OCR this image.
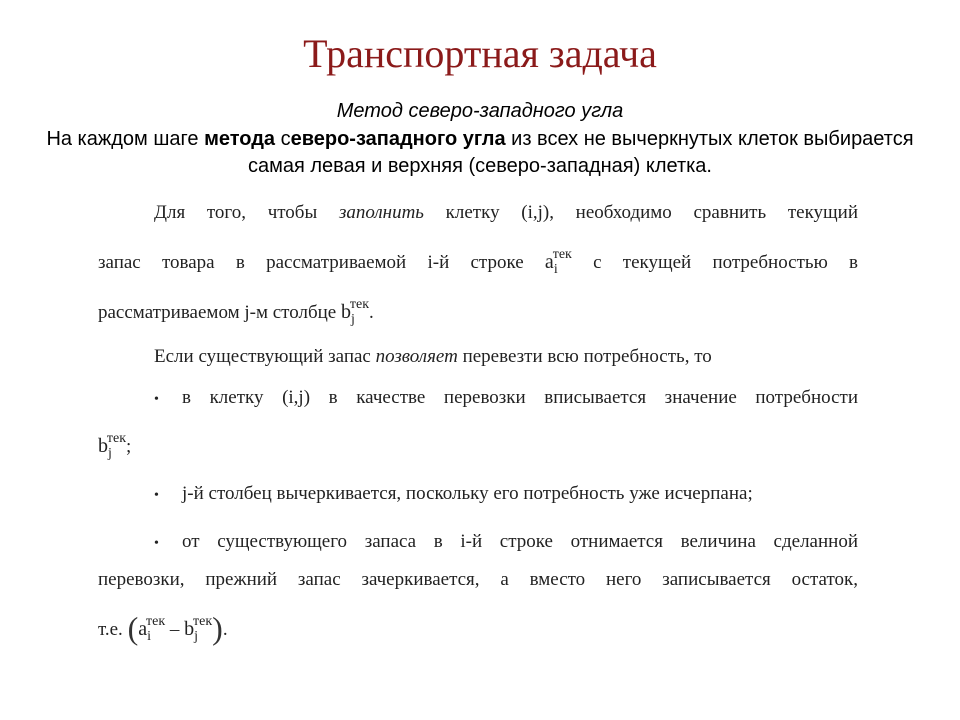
Транспортная задача
Метод северо-западного угла
На каждом шаге метода северо-западного угла из всех не вычеркнутых клеток выбирается самая левая и верхняя (северо-западная) клетка.
Для того, чтобы заполнить клетку (i,j), необходимо сравнить текущий
запас товара в рассматриваемой i-й строке $a_i^{тек}$ с текущей потребностью в
рассматриваемом j-м столбце $b_j^{тек}$.
Если существующий запас позволяет перевезти всю потребность, то
• в клетку (i,j) в качестве перевозки вписывается значение потребности
$b_j^{тек}$;
• j-й столбец вычеркивается, поскольку его потребность уже исчерпана;
• от существующего запаса в i-й строке отнимается величина сделанной
перевозки, прежний запас зачеркивается, а вместо него записывается остаток,
т.е. $(a_i^{тек} - b_j^{тек})$.
